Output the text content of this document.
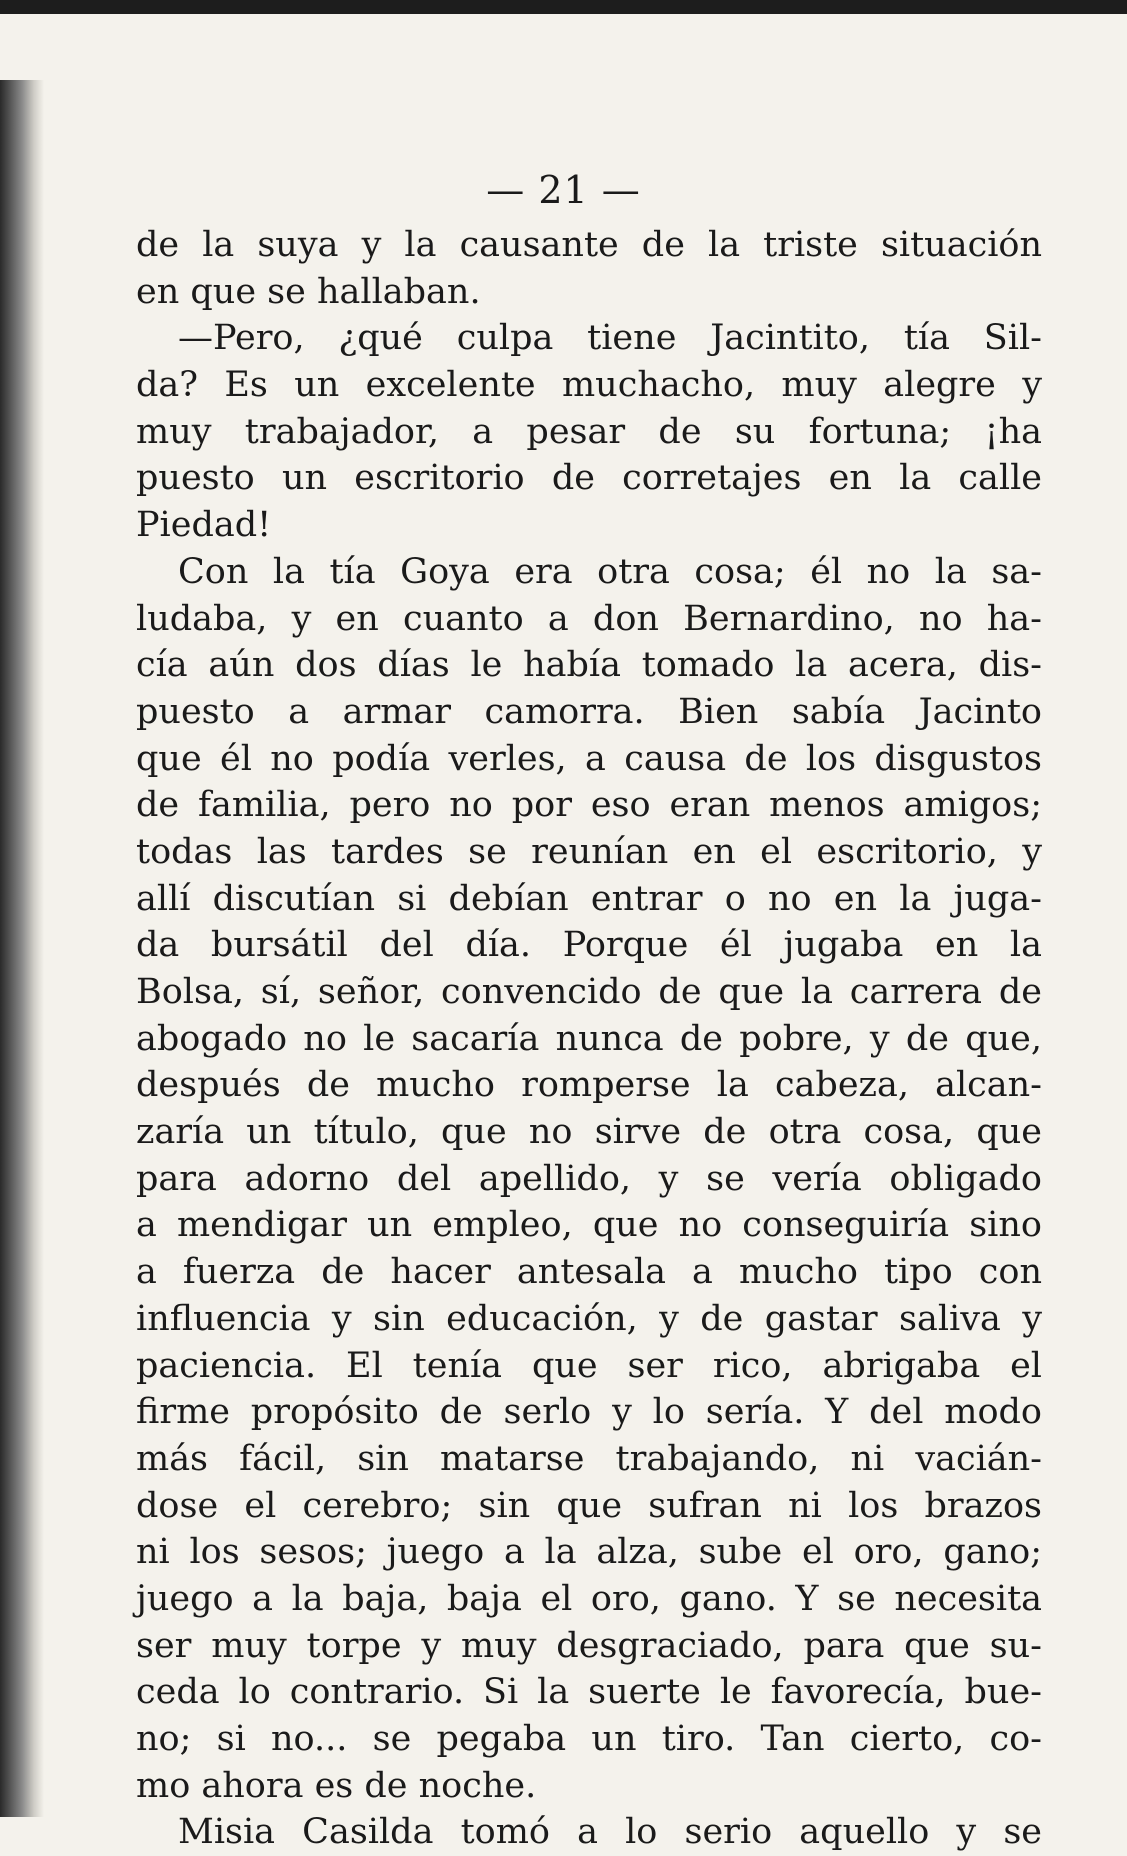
— 21 —
de la suya y la causante de la triste situación
en que se hallaban.
—Pero, ¿qué culpa tiene Jacintito, tía Sil-
da? Es un excelente muchacho, muy alegre y
muy trabajador, a pesar de su fortuna; ¡ha
puesto un escritorio de corretajes en la calle
Piedad!
Con la tía Goya era otra cosa; él no la sa-
ludaba, y en cuanto a don Bernardino, no ha-
cía aún dos días le había tomado la acera, dis-
puesto a armar camorra. Bien sabía Jacinto
que él no podía verles, a causa de los disgustos
de familia, pero no por eso eran menos amigos;
todas las tardes se reunían en el escritorio, y
allí discutían si debían entrar o no en la juga-
da bursátil del día. Porque él jugaba en la
Bolsa, sí, señor, convencido de que la carrera de
abogado no le sacaría nunca de pobre, y de que,
después de mucho romperse la cabeza, alcan-
zaría un título, que no sirve de otra cosa, que
para adorno del apellido, y se vería obligado
a mendigar un empleo, que no conseguiría sino
a fuerza de hacer antesala a mucho tipo con
influencia y sin educación, y de gastar saliva y
paciencia. El tenía que ser rico, abrigaba el
firme propósito de serlo y lo sería. Y del modo
más fácil, sin matarse trabajando, ni vacián-
dose el cerebro; sin que sufran ni los brazos
ni los sesos; juego a la alza, sube el oro, gano;
juego a la baja, baja el oro, gano. Y se necesita
ser muy torpe y muy desgraciado, para que su-
ceda lo contrario. Si la suerte le favorecía, bue-
no; si no... se pegaba un tiro. Tan cierto, co-
mo ahora es de noche.
Misia Casilda tomó a lo serio aquello y se
